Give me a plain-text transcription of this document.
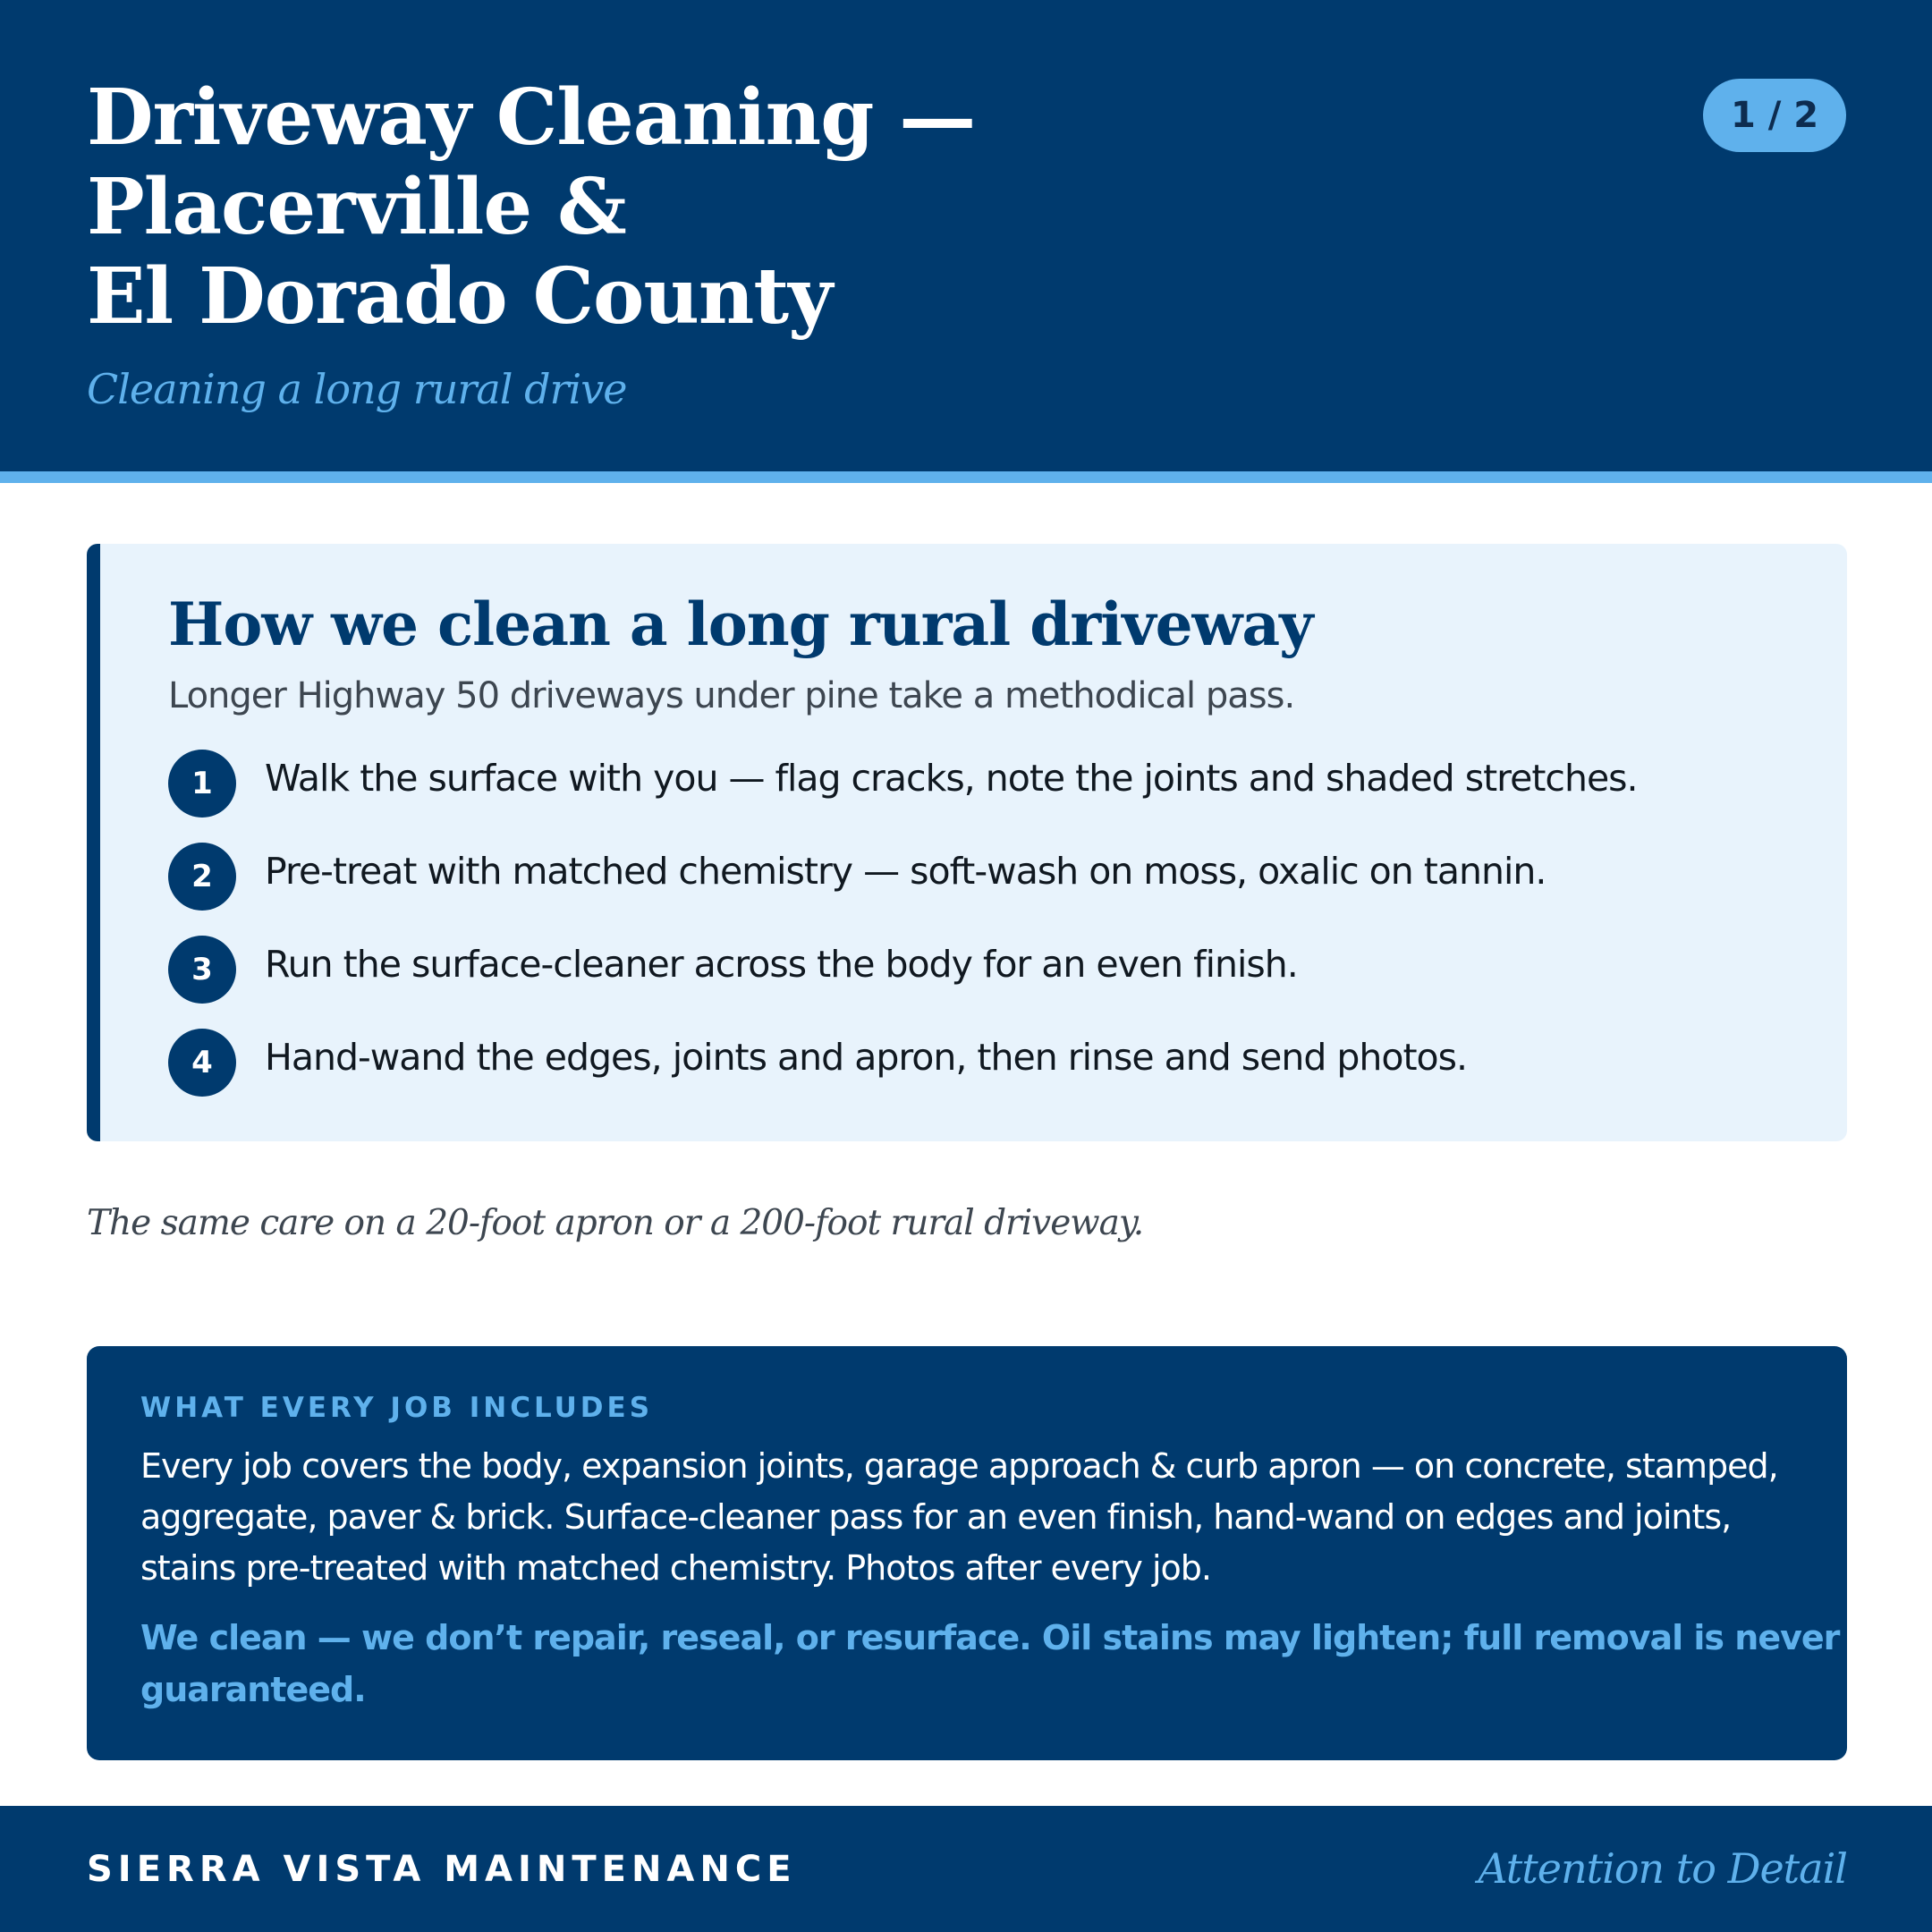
Driveway Cleaning —
Placerville &
El Dorado County

Cleaning a long rural drive

1 / 2
How we clean a long rural driveway

Longer Highway 50 driveways under pine take a methodical pass.

1	Walk the surface with you — flag cracks, note the joints and shaded stretches.
2	Pre-treat with matched chemistry — soft-wash on moss, oxalic on tannin.
3	Run the surface-cleaner across the body for an even finish.
4	Hand-wand the edges, joints and apron, then rinse and send photos.

The same care on a 20-foot apron or a 200-foot rural driveway.

WHAT EVERY JOB INCLUDES

Every job covers the body, expansion joints, garage approach & curb apron — on concrete, stamped,
aggregate, paver & brick. Surface-cleaner pass for an even finish, hand-wand on edges and joints,
stains pre-treated with matched chemistry. Photos after every job.

We clean — we don’t repair, reseal, or resurface. Oil stains may lighten; full removal is never
guaranteed.

SIERRA VISTA MAINTENANCE	Attention to Detail
